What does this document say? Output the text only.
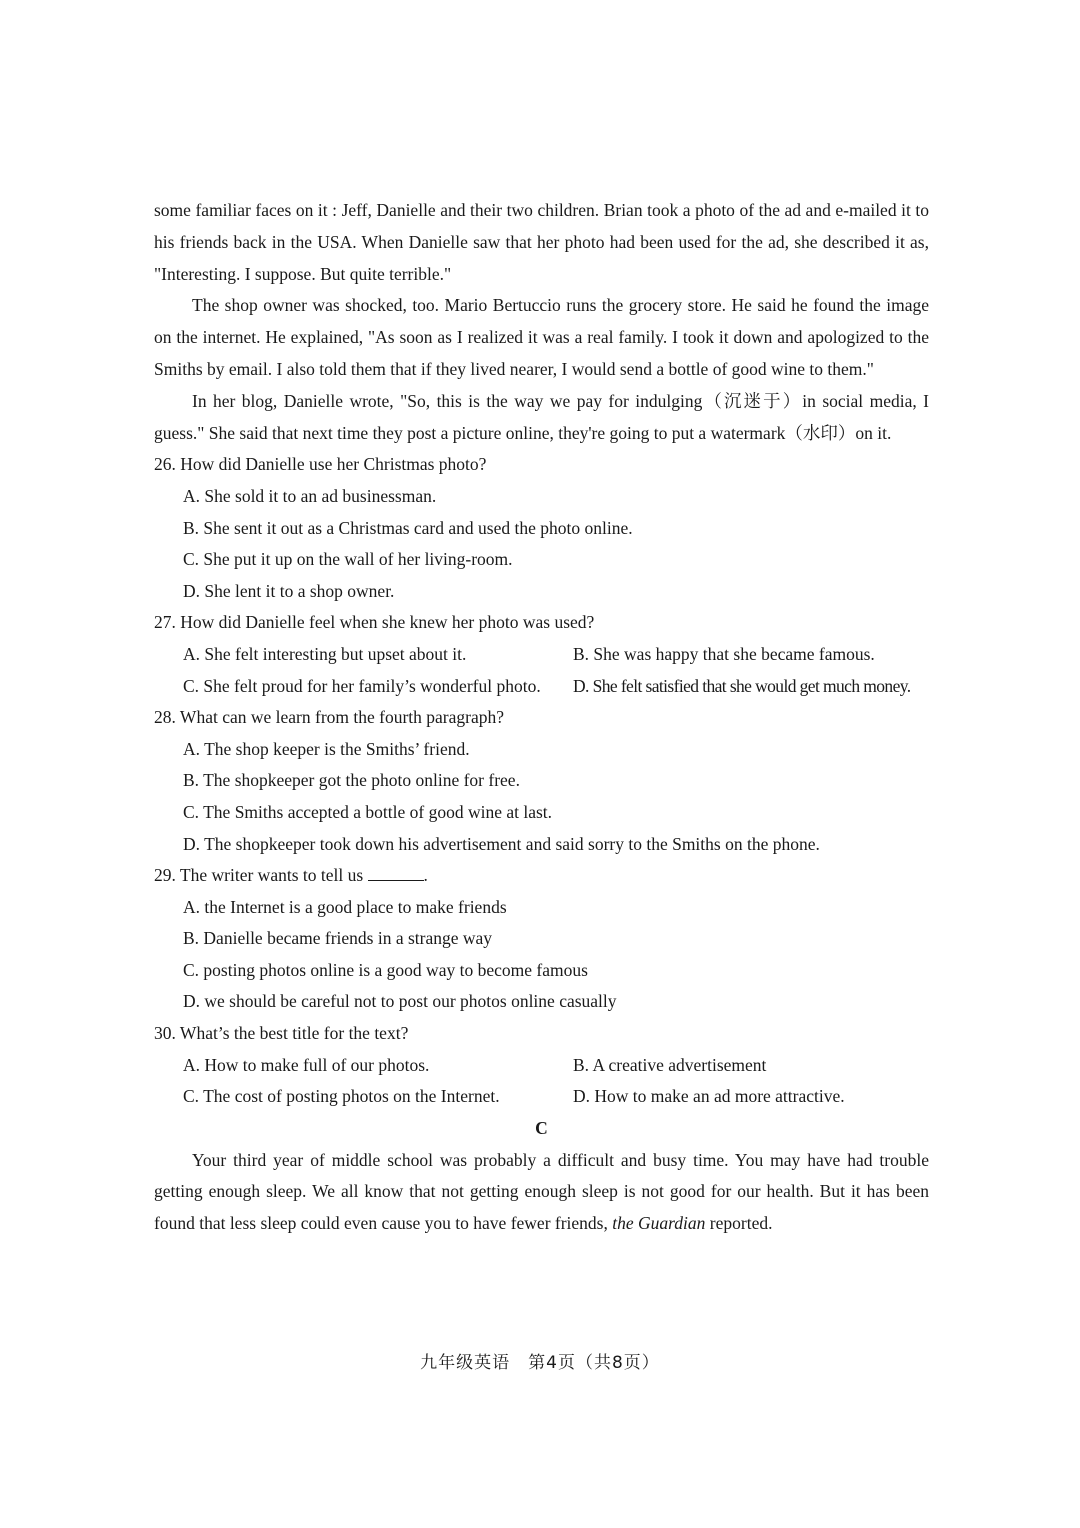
some familiar faces on it : Jeff, Danielle and their two children. Brian took a photo of the ad and e-mailed it to his friends back in the USA. When Danielle saw that her photo had been used for the ad, she described it as, "Interesting. I suppose. But quite terrible."

The shop owner was shocked, too. Mario Bertuccio runs the grocery store. He said he found the image on the internet. He explained, "As soon as I realized it was a real family. I took it down and apologized to the Smiths by email. I also told them that if they lived nearer, I would send a bottle of good wine to them."

In her blog, Danielle wrote, "So, this is the way we pay for indulging（沉迷于）in social media, I guess." She said that next time they post a picture online, they're going to put a watermark（水印）on it.

26. How did Danielle use her Christmas photo?

A. She sold it to an ad businessman.

B. She sent it out as a Christmas card and used the photo online.

C. She put it up on the wall of her living-room.

D. She lent it to a shop owner.

27. How did Danielle feel when she knew her photo was used?

A. She felt interesting but upset about it.	B. She was happy that she became famous.
C. She felt proud for her family’s wonderful photo.	D. She felt satisfied that she would get much money.

28. What can we learn from the fourth paragraph?

A. The shop keeper is the Smiths’ friend.

B. The shopkeeper got the photo online for free.

C. The Smiths accepted a bottle of good wine at last.

D. The shopkeeper took down his advertisement and said sorry to the Smiths on the phone.

29. The writer wants to tell us	.

A. the Internet is a good place to make friends

B. Danielle became friends in a strange way

C. posting photos online is a good way to become famous

D. we should be careful not to post our photos online casually

30. What’s the best title for the text?

A. How to make full of our photos.	B. A creative advertisement
C. The cost of posting photos on the Internet.	D. How to make an ad more attractive.

C

Your third year of middle school was probably a difficult and busy time. You may have had trouble getting enough sleep. We all know that not getting enough sleep is not good for our health. But it has been found that less sleep could even cause you to have fewer friends, the Guardian reported.

九年级英语　第4页（共8页）
